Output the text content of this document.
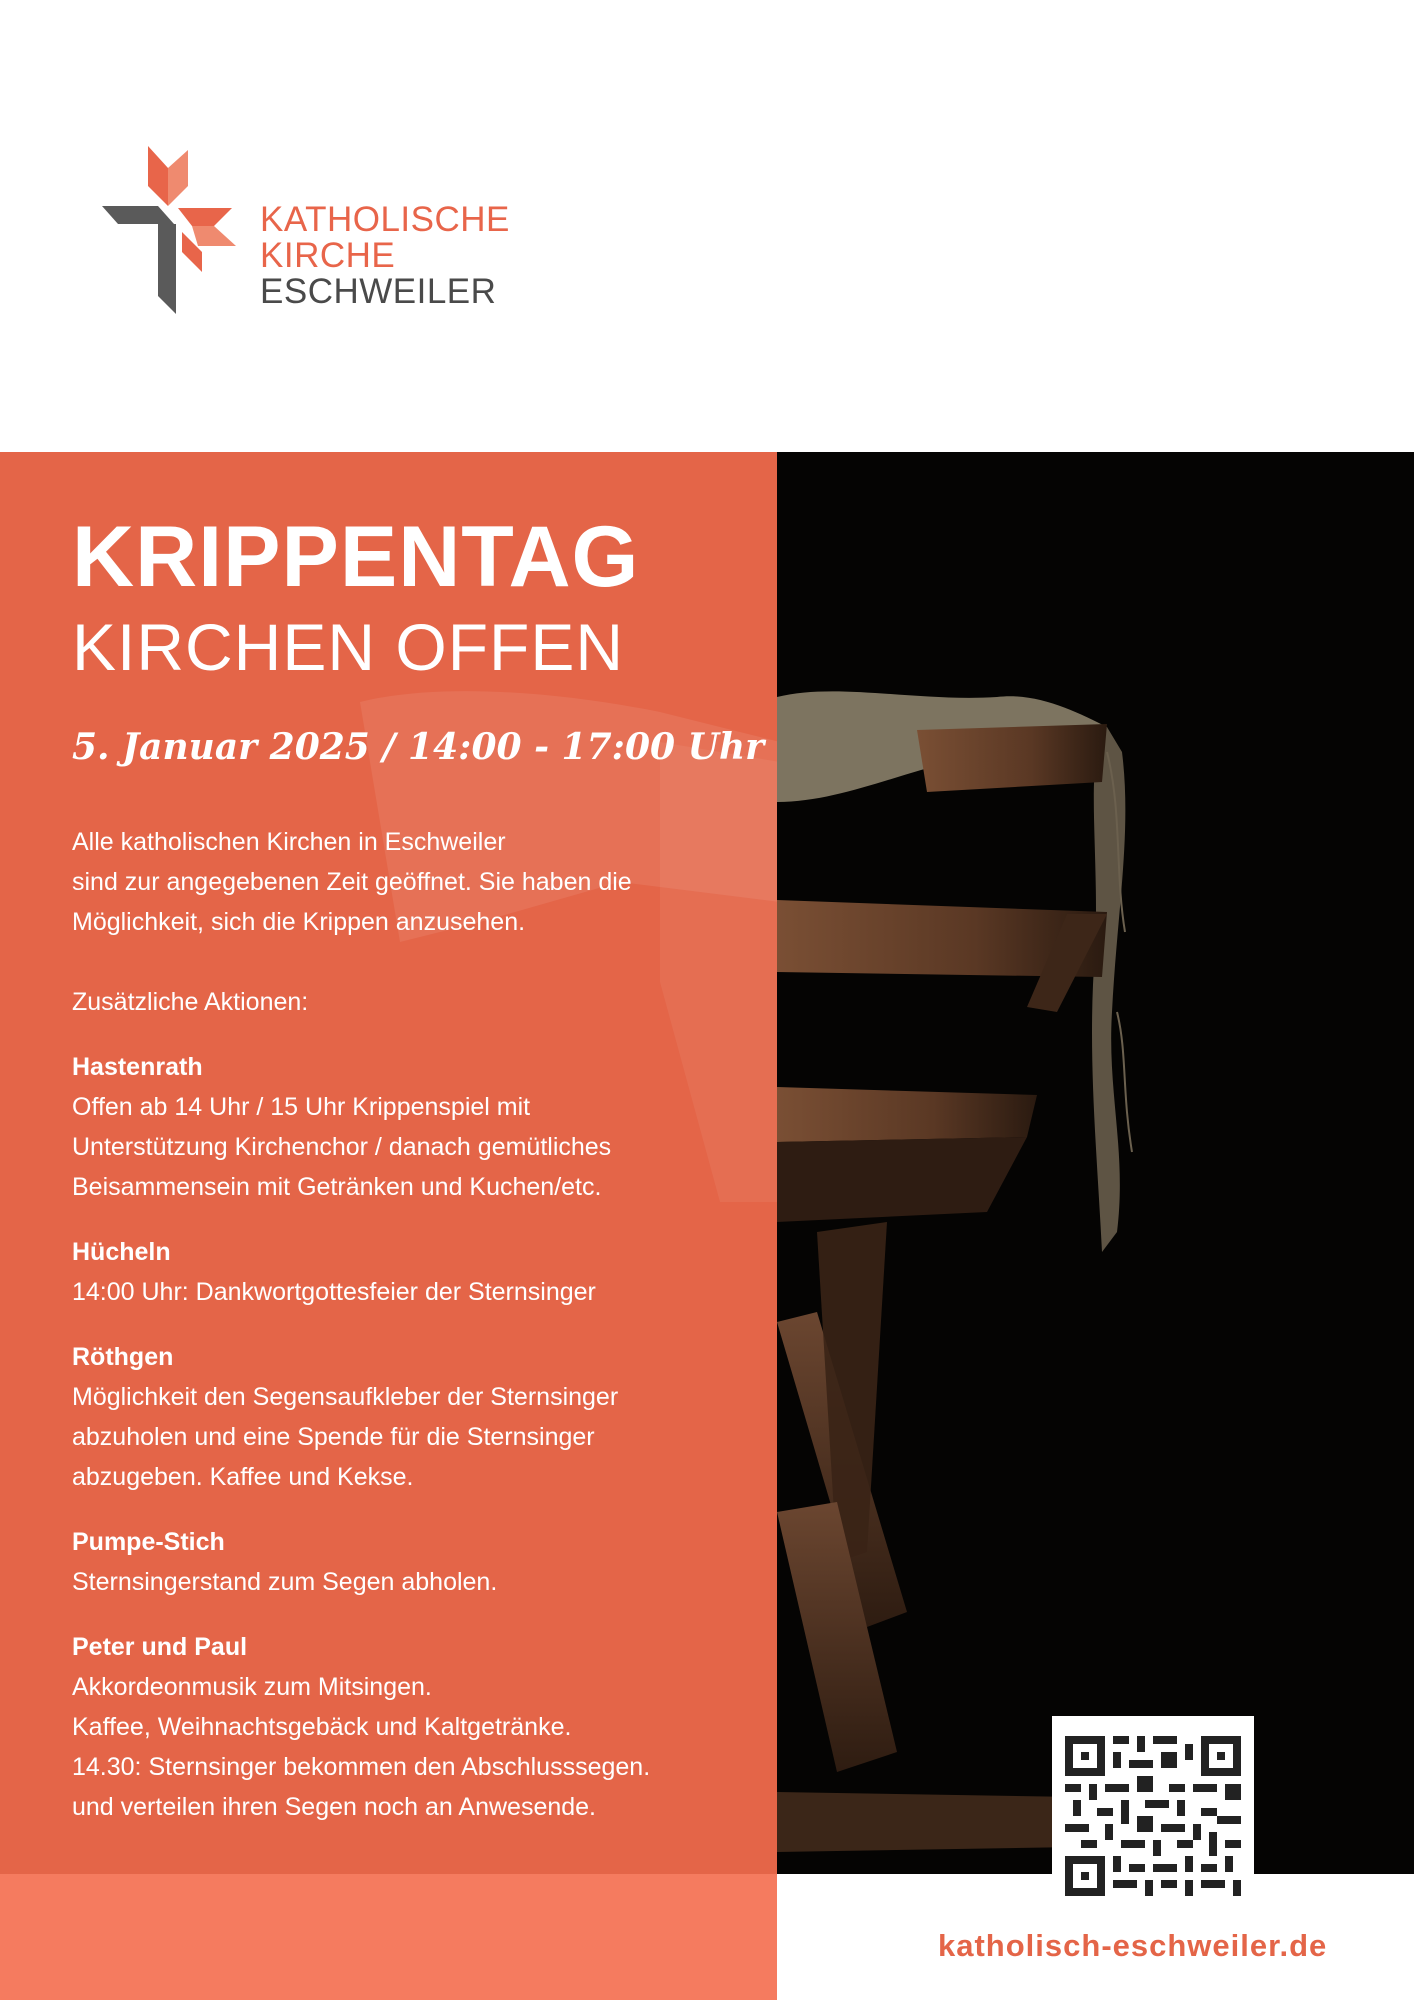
KATHOLISCHE
KIRCHE
ESCHWEILER
KRIPPENTAG
KIRCHEN OFFEN
5. Januar 2025 / 14:00 - 17:00 Uhr

Alle katholischen Kirchen in Eschweiler
sind zur angegebenen Zeit geöffnet. Sie haben die
Möglichkeit, sich die Krippen anzusehen.

Zusätzliche Aktionen:

Hastenrath
Offen ab 14 Uhr / 15 Uhr Krippenspiel mit
Unterstützung Kirchenchor / danach gemütliches
Beisammensein mit Getränken und Kuchen/etc.
Hücheln
14:00 Uhr: Dankwortgottesfeier der Sternsinger
Röthgen
Möglichkeit den Segensaufkleber der Sternsinger
abzuholen und eine Spende für die Sternsinger
abzugeben. Kaffee und Kekse.
Pumpe-Stich
Sternsingerstand zum Segen abholen.
Peter und Paul
Akkordeonmusik zum Mitsingen.
Kaffee, Weihnachtsgebäck und Kaltgetränke.
14.30: Sternsinger bekommen den Abschlusssegen.
und verteilen ihren Segen noch an Anwesende.
katholisch-eschweiler.de
